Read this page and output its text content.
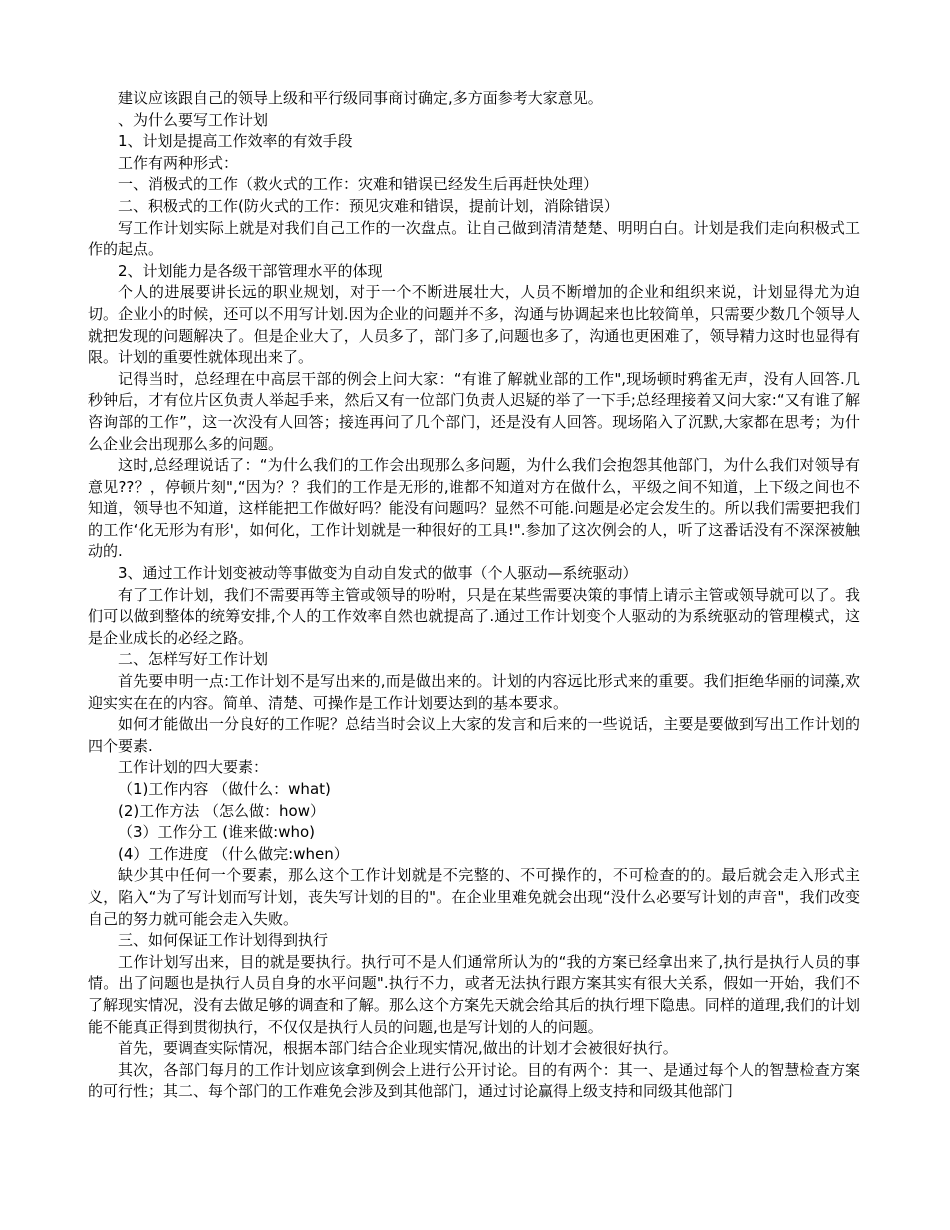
建议应该跟自己的领导上级和平行级同事商讨确定,多方面参考大家意见。

、为什么要写工作计划

1、计划是提高工作效率的有效手段

工作有两种形式：

一、消极式的工作（救火式的工作：灾难和错误已经发生后再赶快处理）

二、积极式的工作(防火式的工作：预见灾难和错误，提前计划，消除错误）

写工作计划实际上就是对我们自己工作的一次盘点。让自己做到清清楚楚、明明白白。计划是我们走向积极式工作的起点。

2、计划能力是各级干部管理水平的体现

个人的进展要讲长远的职业规划，对于一个不断进展壮大，人员不断增加的企业和组织来说，计划显得尤为迫切。企业小的时候，还可以不用写计划.因为企业的问题并不多，沟通与协调起来也比较简单，只需要少数几个领导人就把发现的问题解决了。但是企业大了，人员多了，部门多了,问题也多了，沟通也更困难了，领导精力这时也显得有限。计划的重要性就体现出来了。

记得当时，总经理在中高层干部的例会上问大家：“有谁了解就业部的工作",现场顿时鸦雀无声，没有人回答.几秒钟后，才有位片区负责人举起手来，然后又有一位部门负责人迟疑的举了一下手;总经理接着又问大家:“又有谁了解咨询部的工作”，这一次没有人回答；接连再问了几个部门，还是没有人回答。现场陷入了沉默,大家都在思考；为什么企业会出现那么多的问题。

这时,总经理说话了：“为什么我们的工作会出现那么多问题，为什么我们会抱怨其他部门，为什么我们对领导有意见??？，停顿片刻",“因为？？我们的工作是无形的,谁都不知道对方在做什么，平级之间不知道，上下级之间也不知道，领导也不知道，这样能把工作做好吗？能没有问题吗？显然不可能.问题是必定会发生的。所以我们需要把我们的工作‘化无形为有形'，如何化，工作计划就是一种很好的工具!".参加了这次例会的人，听了这番话没有不深深被触动的.

3、通过工作计划变被动等事做变为自动自发式的做事（个人驱动—系统驱动）

有了工作计划，我们不需要再等主管或领导的吩咐，只是在某些需要决策的事情上请示主管或领导就可以了。我们可以做到整体的统筹安排,个人的工作效率自然也就提高了.通过工作计划变个人驱动的为系统驱动的管理模式，这是企业成长的必经之路。

二、怎样写好工作计划

首先要申明一点:工作计划不是写出来的,而是做出来的。计划的内容远比形式来的重要。我们拒绝华丽的词藻,欢迎实实在在的内容。简单、清楚、可操作是工作计划要达到的基本要求。

如何才能做出一分良好的工作呢？总结当时会议上大家的发言和后来的一些说话，主要是要做到写出工作计划的四个要素.

工作计划的四大要素：

（1)工作内容 （做什么：what)

(2)工作方法 （怎么做：how）

（3）工作分工 (谁来做:who)

(4）工作进度 （什么做完:when）

缺少其中任何一个要素，那么这个工作计划就是不完整的、不可操作的，不可检查的的。最后就会走入形式主义，陷入“为了写计划而写计划，丧失写计划的目的"。在企业里难免就会出现“没什么必要写计划的声音"，我们改变自己的努力就可能会走入失败。

三、如何保证工作计划得到执行

工作计划写出来，目的就是要执行。执行可不是人们通常所认为的“我的方案已经拿出来了,执行是执行人员的事情。出了问题也是执行人员自身的水平问题".执行不力，或者无法执行跟方案其实有很大关系，假如一开始，我们不了解现实情况，没有去做足够的调查和了解。那么这个方案先天就会给其后的执行埋下隐患。同样的道理,我们的计划能不能真正得到贯彻执行，不仅仅是执行人员的问题,也是写计划的人的问题。

首先，要调查实际情况，根据本部门结合企业现实情况,做出的计划才会被很好执行。

其次，各部门每月的工作计划应该拿到例会上进行公开讨论。目的有两个：其一、是通过每个人的智慧检查方案的可行性；其二、每个部门的工作难免会涉及到其他部门，通过讨论赢得上级支持和同级其他部门
